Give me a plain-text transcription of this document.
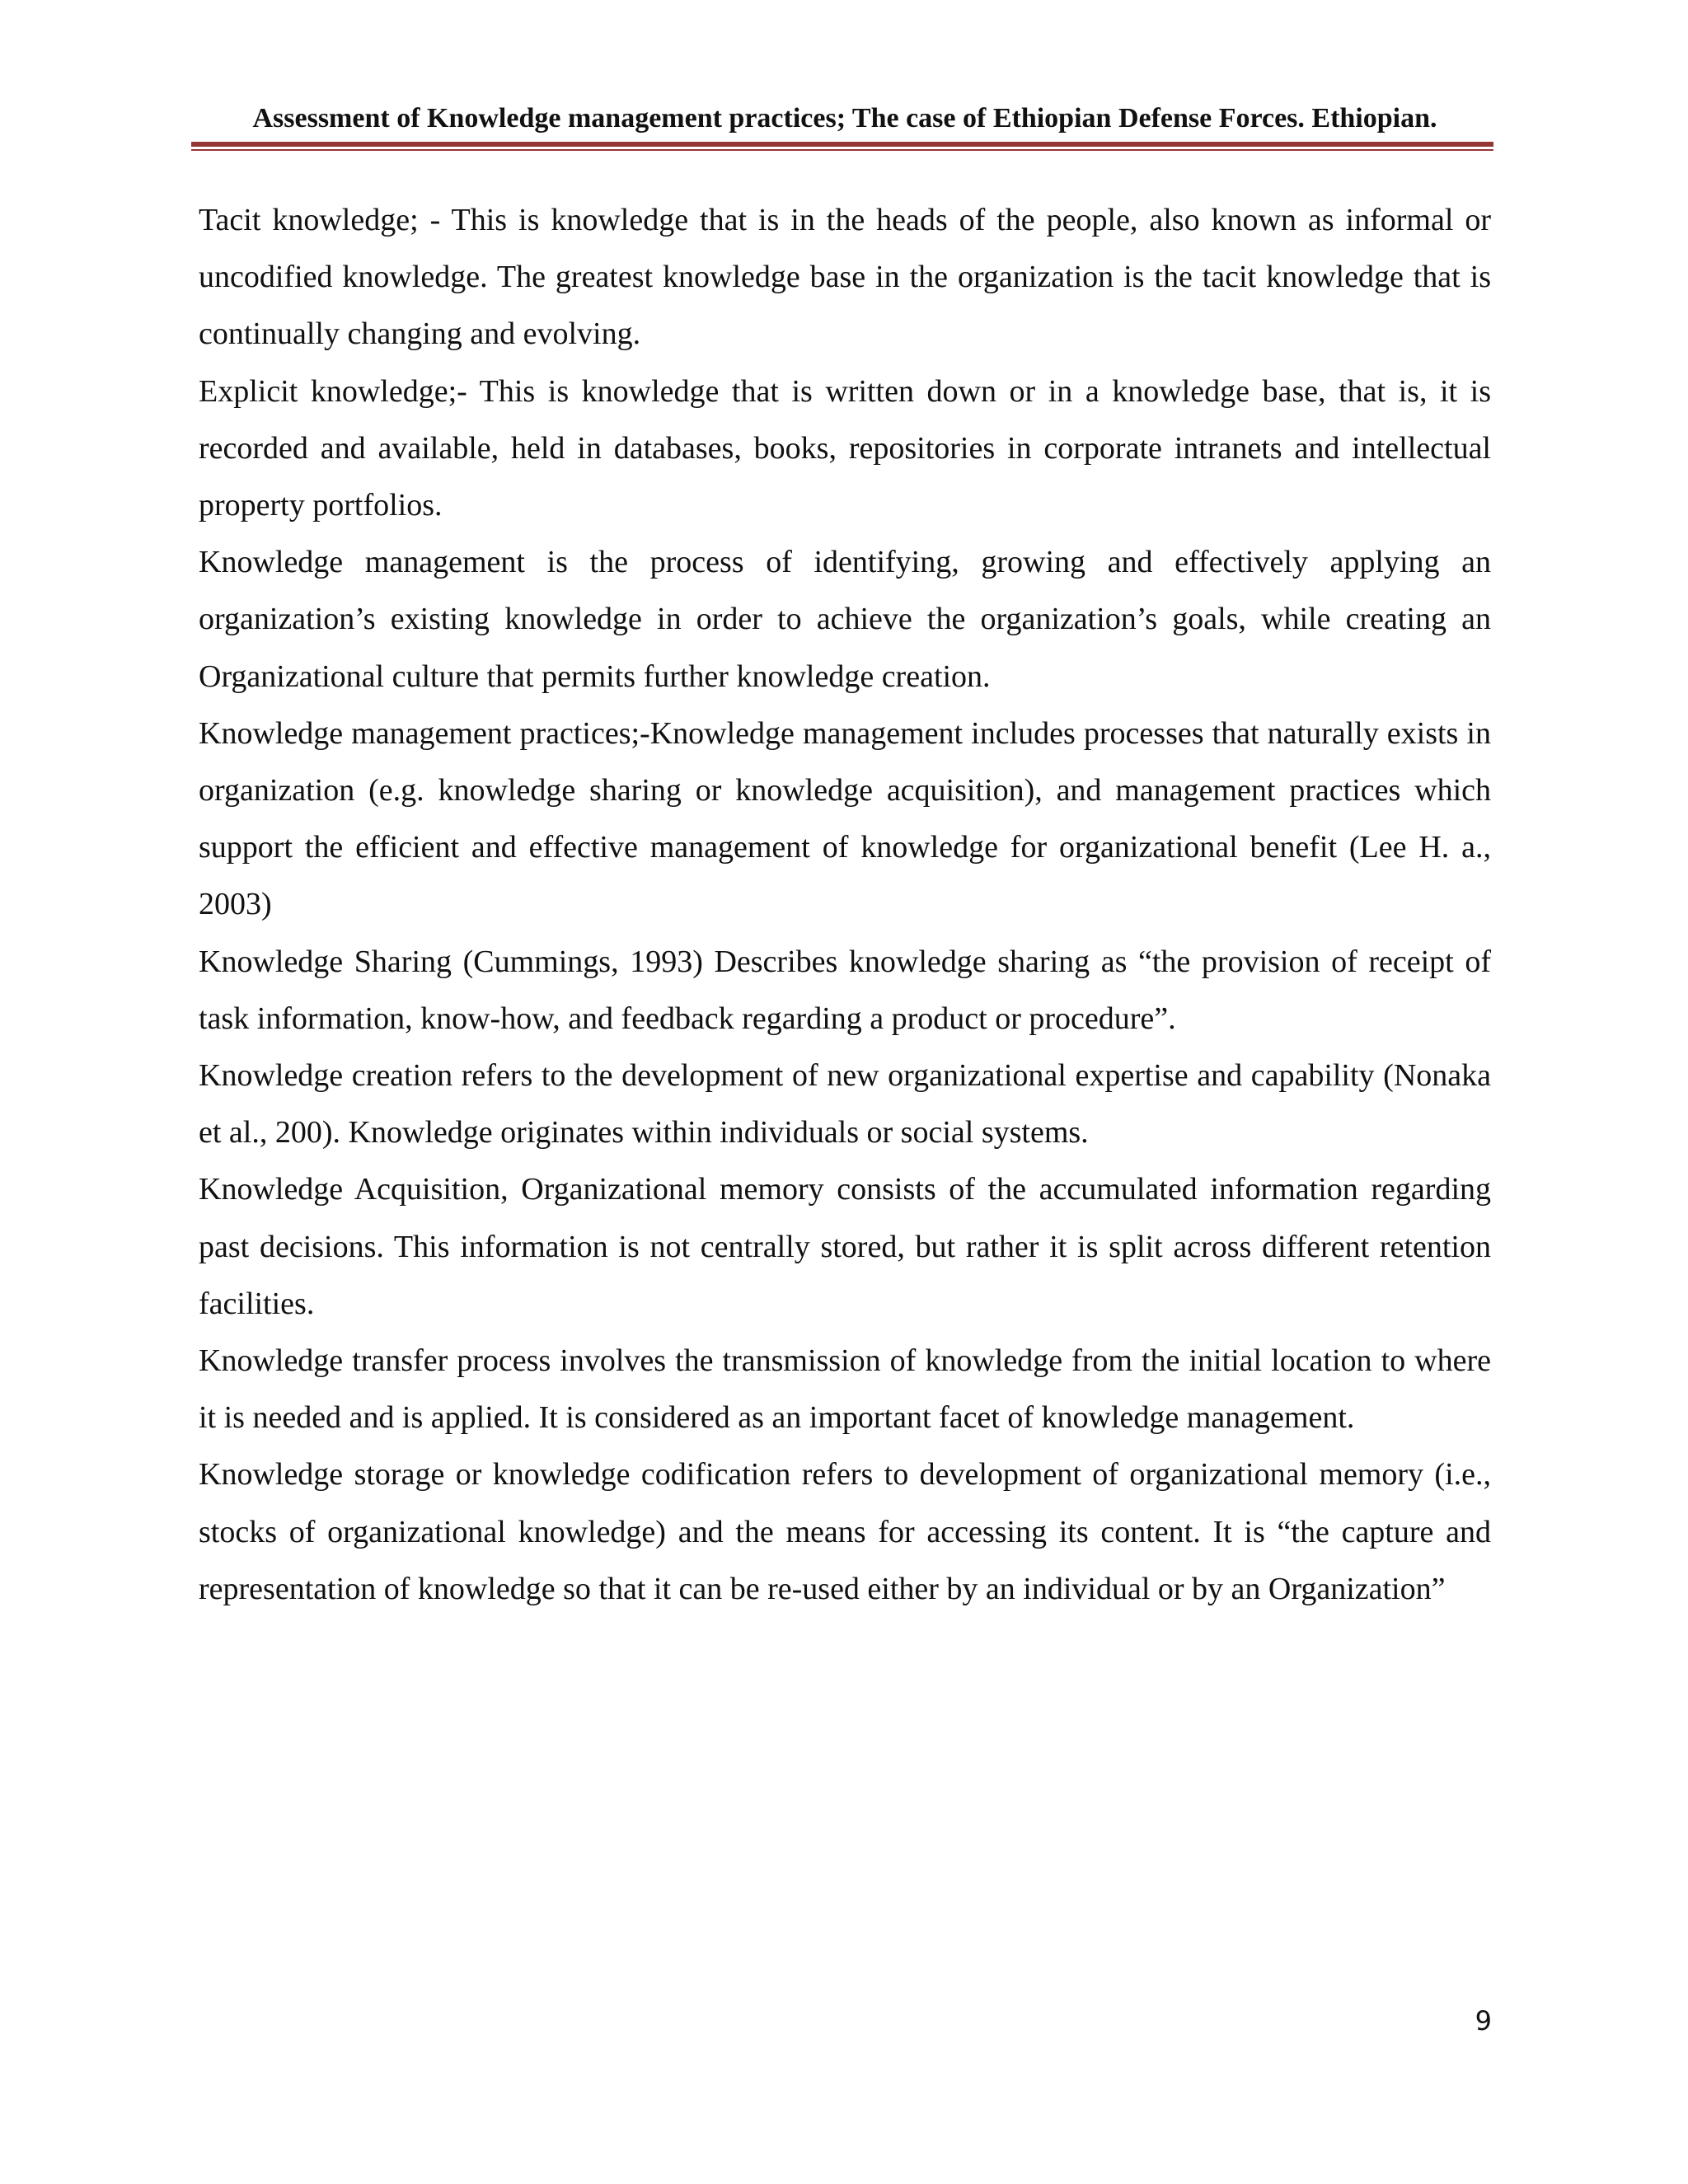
Assessment of Knowledge management practices; The case of Ethiopian Defense Forces. Ethiopian.

Tacit knowledge; - This is knowledge that is in the heads of the people, also known as informal or uncodified knowledge. The greatest knowledge base in the organization is the tacit knowledge that is continually changing and evolving.

Explicit knowledge;- This is knowledge that is written down or in a knowledge base, that is, it is recorded and available, held in databases, books, repositories in corporate intranets and intellectual property portfolios.

Knowledge management is the process of identifying, growing and effectively applying an organization’s existing knowledge in order to achieve the organization’s goals, while creating an Organizational culture that permits further knowledge creation.

Knowledge management practices;-Knowledge management includes processes that naturally exists in organization (e.g. knowledge sharing or knowledge acquisition), and management practices which support the efficient and effective management of knowledge for organizational benefit (Lee H. a., 2003)

Knowledge Sharing (Cummings, 1993) Describes knowledge sharing as “the provision of receipt of task information, know-how, and feedback regarding a product or procedure”.

Knowledge creation refers to the development of new organizational expertise and capability (Nonaka et al., 200). Knowledge originates within individuals or social systems.

Knowledge Acquisition, Organizational memory consists of the accumulated information regarding past decisions. This information is not centrally stored, but rather it is split across different retention facilities.

Knowledge transfer process involves the transmission of knowledge from the initial location to where it is needed and is applied. It is considered as an important facet of knowledge management.

Knowledge storage or knowledge codification refers to development of organizational memory (i.e., stocks of organizational knowledge) and the means for accessing its content. It is “the capture and representation of knowledge so that it can be re-used either by an individual or by an Organization”

9
